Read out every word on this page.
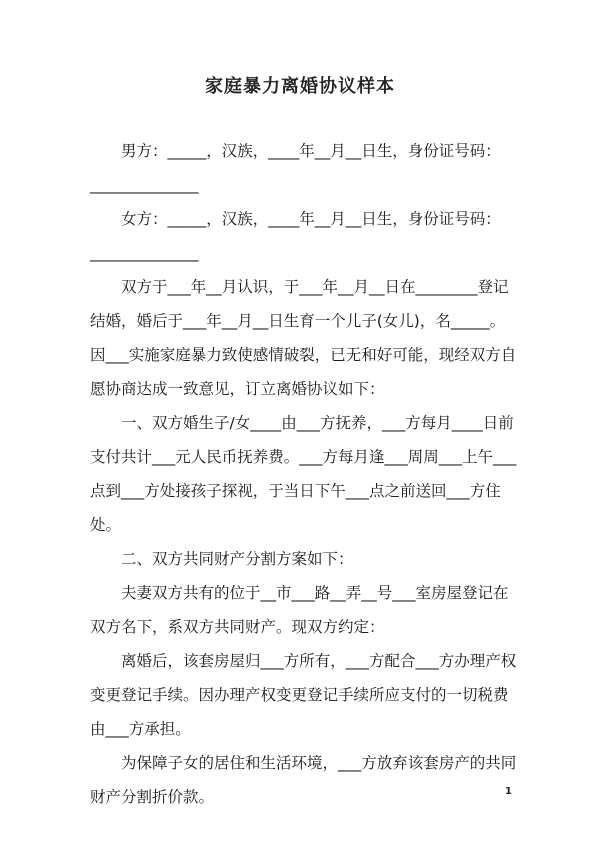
家庭暴力离婚协议样本

男方：_____，汉族，____年__月__日生，身份证号码：

______________

女方：_____，汉族，____年__月__日生，身份证号码：

______________

双方于___年__月认识，于___年__月__日在________登记结婚，婚后于___年__月__日生育一个儿子(女儿)，名_____。因___实施家庭暴力致使感情破裂，已无和好可能，现经双方自愿协商达成一致意见，订立离婚协议如下：

一、双方婚生子/女____由___方抚养，___方每月____日前支付共计___元人民币抚养费。___方每月逢___周周___上午___点到___方处接孩子探视，于当日下午___点之前送回___方住处。

二、双方共同财产分割方案如下：

夫妻双方共有的位于__市___路__弄__号___室房屋登记在双方名下，系双方共同财产。现双方约定：

离婚后，该套房屋归___方所有，___方配合___方办理产权变更登记手续。因办理产权变更登记手续所应支付的一切税费由___方承担。

为保障子女的居住和生活环境，___方放弃该套房产的共同财产分割折价款。	1
